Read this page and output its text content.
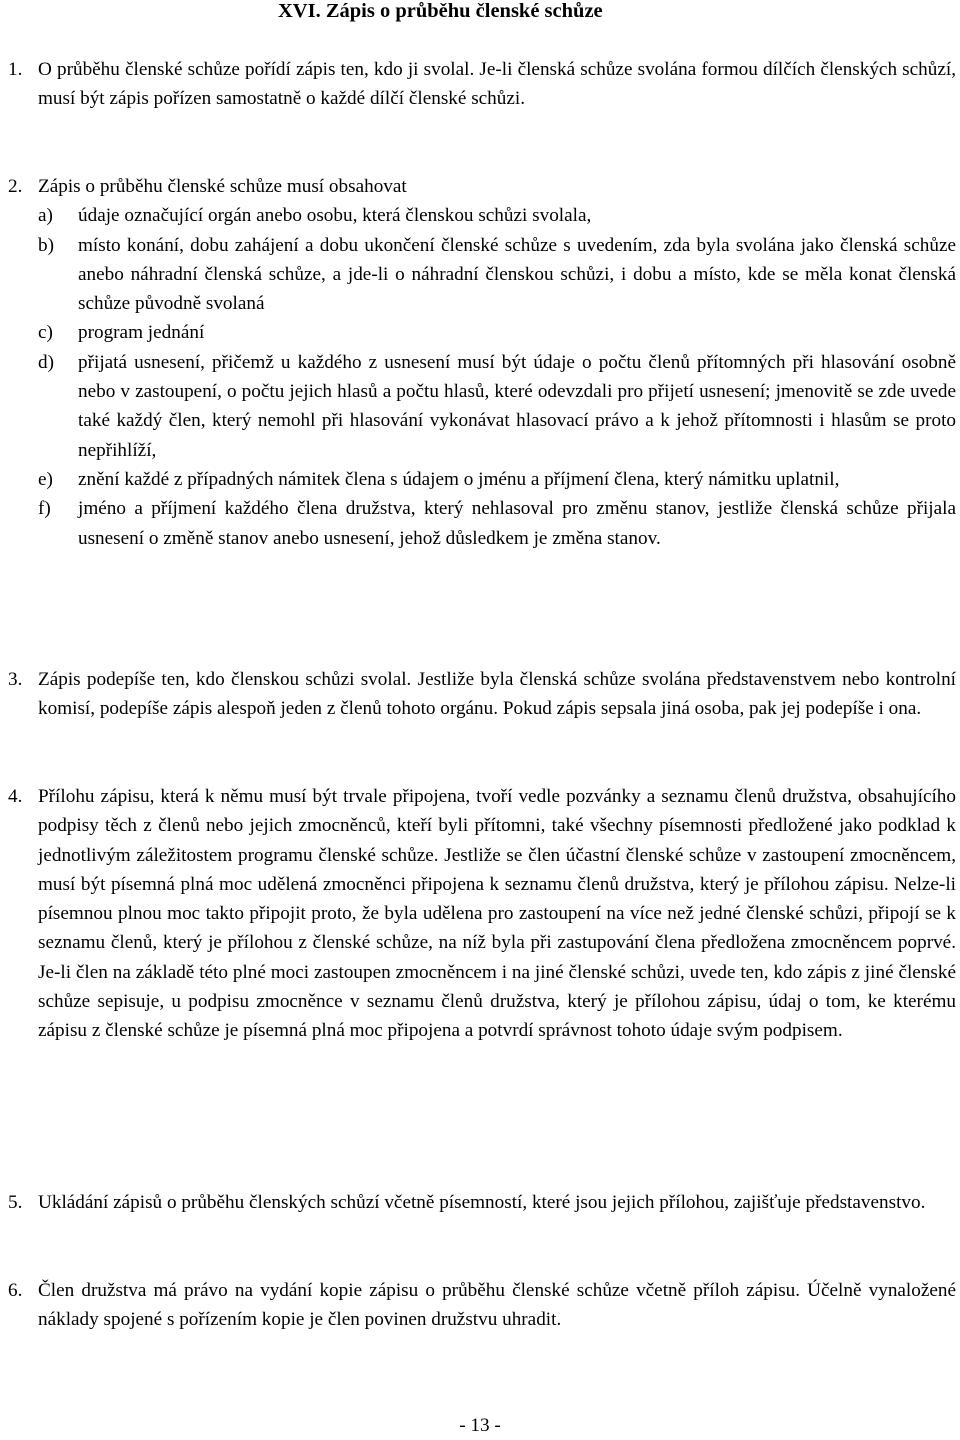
XVI. Zápis o průběhu členské schůze
1. O průběhu členské schůze pořídí zápis ten, kdo ji svolal. Je-li členská schůze svolána formou dílčích členských schůzí, musí být zápis pořízen samostatně o každé dílčí členské schůzi.
2. Zápis o průběhu členské schůze musí obsahovat
a) údaje označující orgán anebo osobu, která členskou schůzi svolala,
b) místo konání, dobu zahájení a dobu ukončení členské schůze s uvedením, zda byla svolána jako členská schůze anebo náhradní členská schůze, a jde-li o náhradní členskou schůzi, i dobu a místo, kde se měla konat členská schůze původně svolaná
c) program jednání
d) přijatá usnesení, přičemž u každého z usnesení musí být údaje o počtu členů přítomných při hlasování osobně nebo v zastoupení, o počtu jejich hlasů a počtu hlasů, které odevzdali pro přijetí usnesení; jmenovitě se zde uvede také každý člen, který nemohl při hlasování vykonávat hlasovací právo a k jehož přítomnosti i hlasům se proto nepřihlíží,
e) znění každé z případných námitek člena s údajem o jménu a příjmení člena, který námitku uplatnil,
f) jméno a příjmení každého člena družstva, který nehlasoval pro změnu stanov, jestliže členská schůze přijala usnesení o změně stanov anebo usnesení, jehož důsledkem je změna stanov.
3. Zápis podepíše ten, kdo členskou schůzi svolal. Jestliže byla členská schůze svolána představenstvem nebo kontrolní komisí, podepíše zápis alespoň jeden z členů tohoto orgánu. Pokud zápis sepsala jiná osoba, pak jej podepíše i ona.
4. Přílohu zápisu, která k němu musí být trvale připojena, tvoří vedle pozvánky a seznamu členů družstva, obsahujícího podpisy těch z členů nebo jejich zmocněnců, kteří byli přítomni, také všechny písemnosti předložené jako podklad k jednotlivým záležitostem programu členské schůze. Jestliže se člen účastní členské schůze v zastoupení zmocněncem, musí být písemná plná moc udělená zmocněnci připojena k seznamu členů družstva, který je přílohou zápisu. Nelze-li písemnou plnou moc takto připojit proto, že byla udělena pro zastoupení na více než jedné členské schůzi, připojí se k seznamu členů, který je přílohou z členské schůze, na níž byla při zastupování člena předložena zmocněncem poprvé. Je-li člen na základě této plné moci zastoupen zmocněncem i na jiné členské schůzi, uvede ten, kdo zápis z jiné členské schůze sepisuje, u podpisu zmocněnce v seznamu členů družstva, který je přílohou zápisu, údaj o tom, ke kterému zápisu z členské schůze je písemná plná moc připojena a potvrdí správnost tohoto údaje svým podpisem.
5. Ukládání zápisů o průběhu členských schůzí včetně písemností, které jsou jejich přílohou, zajišťuje představenstvo.
6. Člen družstva má právo na vydání kopie zápisu o průběhu členské schůze včetně příloh zápisu. Účelně vynaložené náklady spojené s pořízením kopie je člen povinen družstvu uhradit.
- 13 -
